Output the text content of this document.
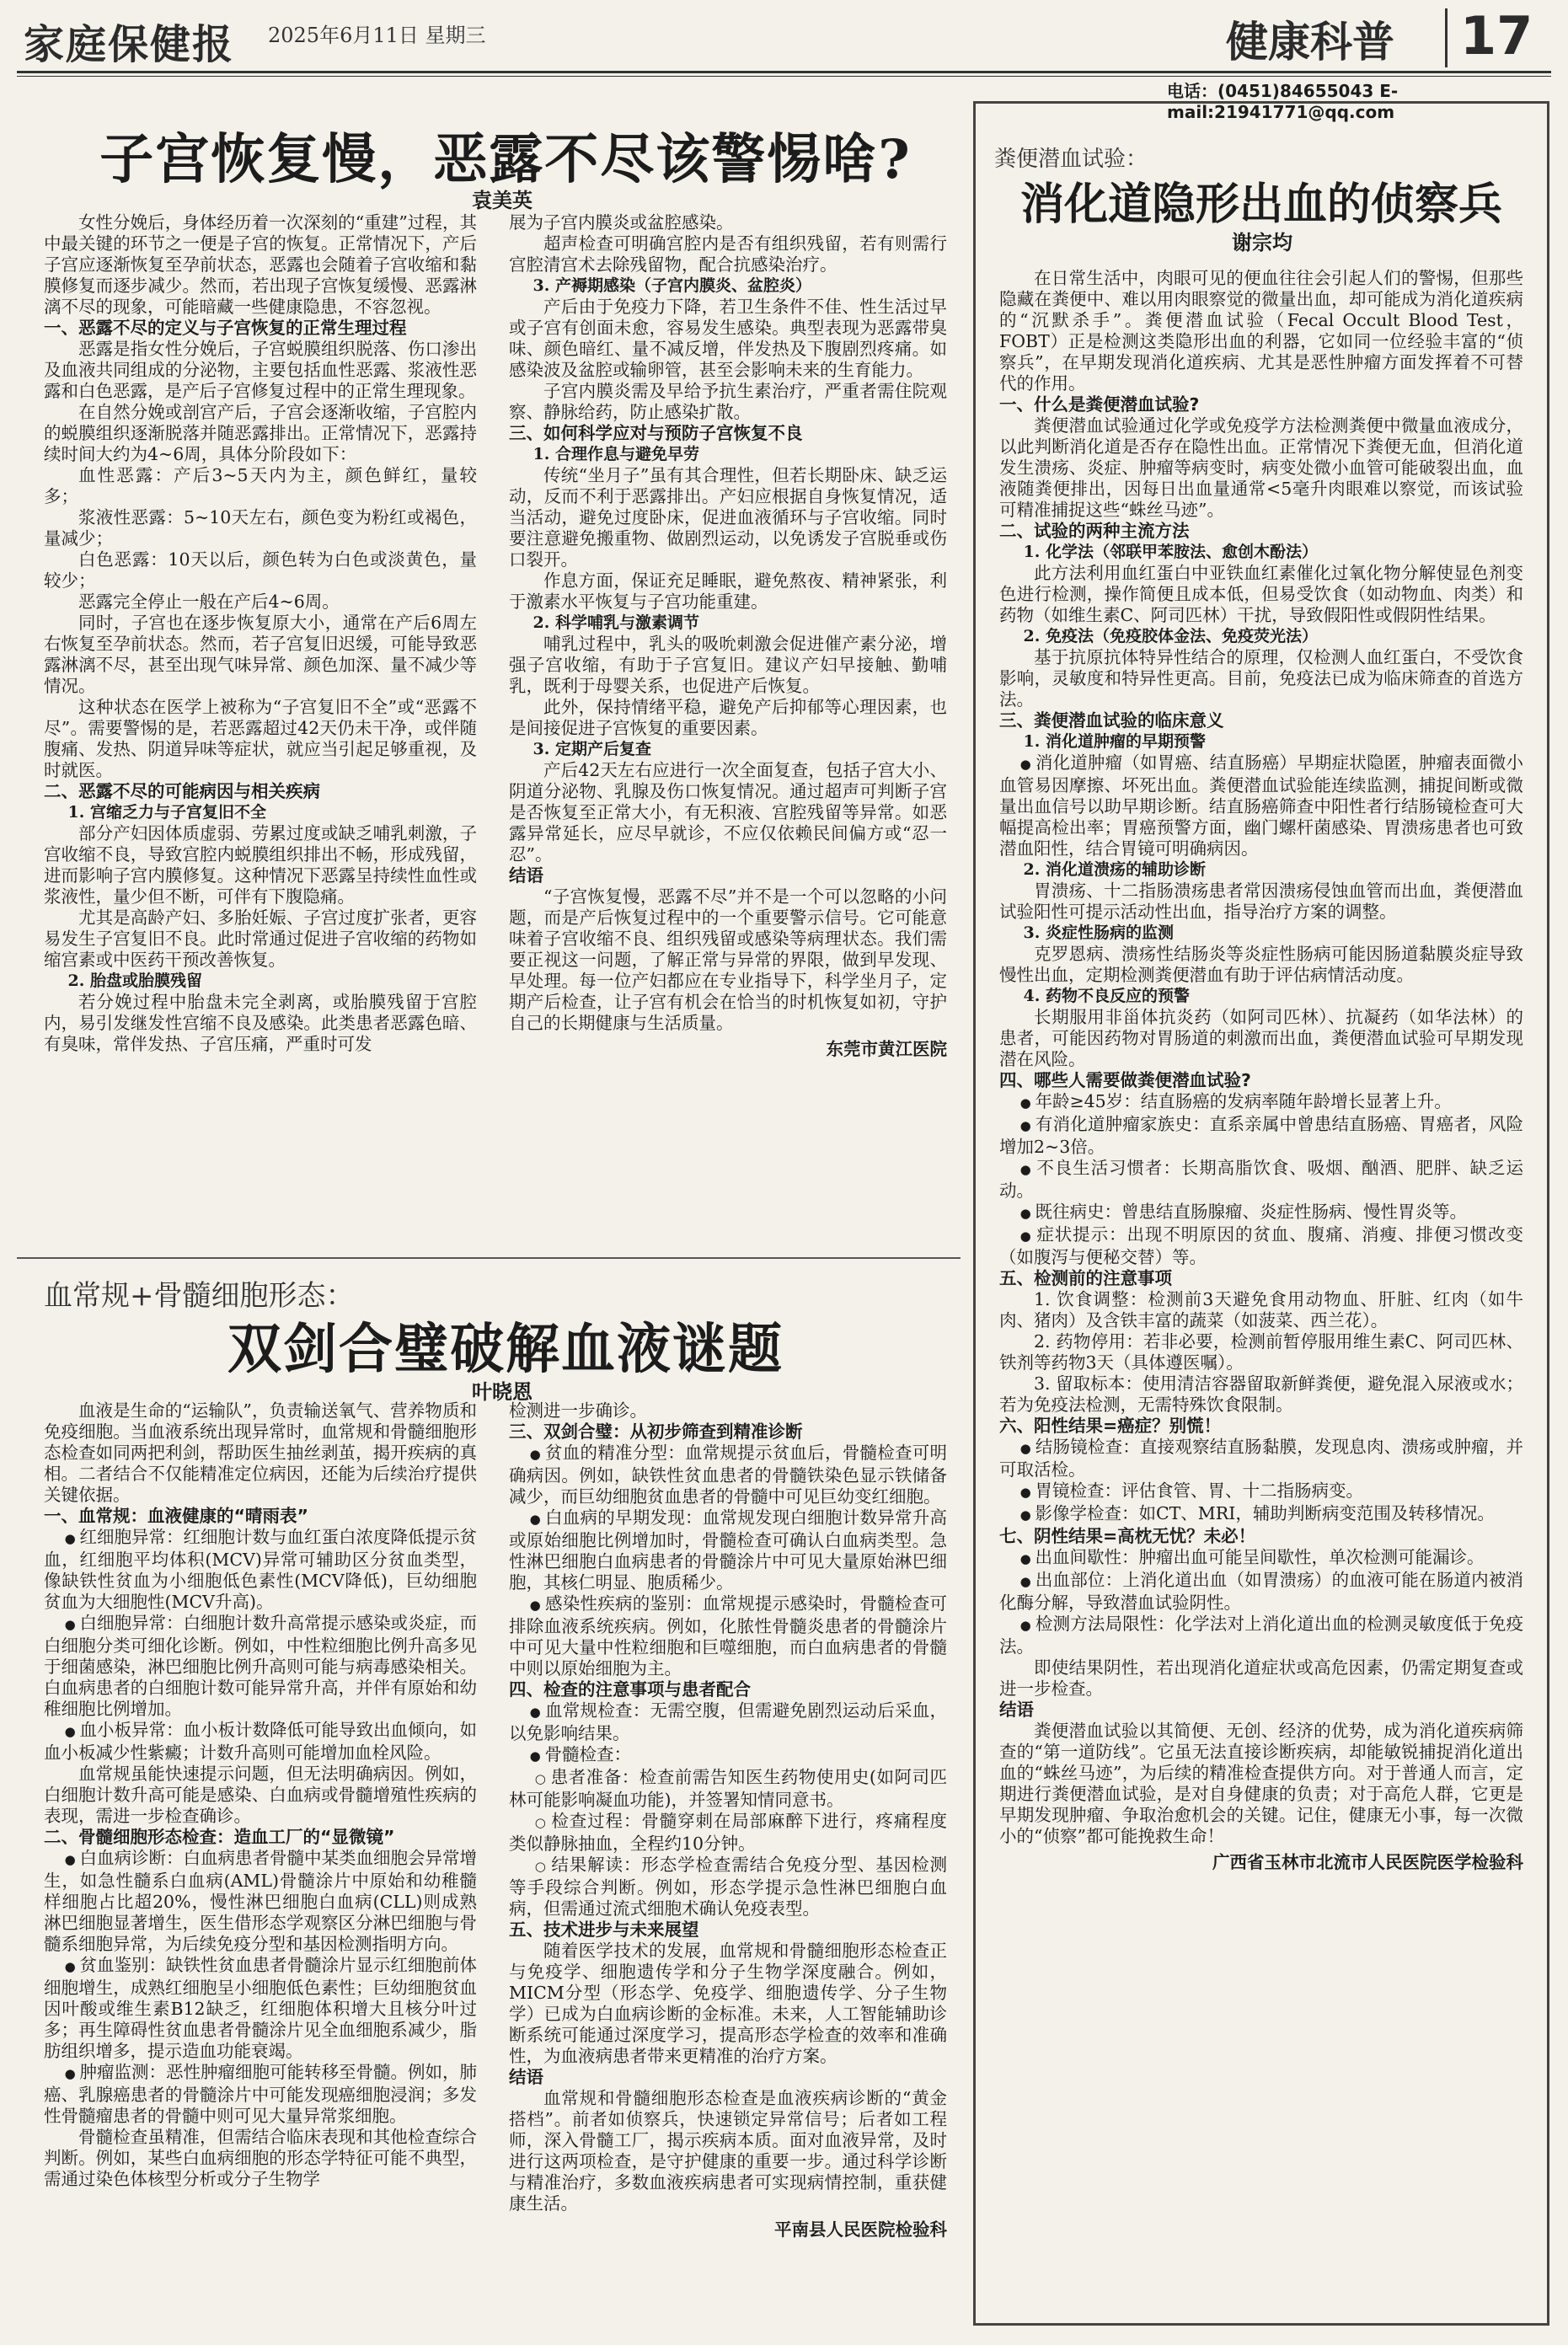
家庭保健报 2025年6月11日 星期三	健康科普 17
电话：(0451)84655043 E-mail:21941771@qq.com
子宫恢复慢，恶露不尽该警惕啥?
袁美英

女性分娩后，身体经历着一次深刻的“重建”过程，其中最关键的环节之一便是子宫的恢复。正常情况下，产后子宫应逐渐恢复至孕前状态，恶露也会随着子宫收缩和黏膜修复而逐步减少。然而，若出现子宫恢复缓慢、恶露淋漓不尽的现象，可能暗藏一些健康隐患，不容忽视。

一、恶露不尽的定义与子宫恢复的正常生理过程

恶露是指女性分娩后，子宫蜕膜组织脱落、伤口渗出及血液共同组成的分泌物，主要包括血性恶露、浆液性恶露和白色恶露，是产后子宫修复过程中的正常生理现象。

在自然分娩或剖宫产后，子宫会逐渐收缩，子宫腔内的蜕膜组织逐渐脱落并随恶露排出。正常情况下，恶露持续时间大约为4~6周，具体分阶段如下：

血性恶露：产后3~5天内为主，颜色鲜红，量较多；

浆液性恶露：5~10天左右，颜色变为粉红或褐色，量减少；

白色恶露：10天以后，颜色转为白色或淡黄色，量较少；

恶露完全停止一般在产后4~6周。

同时，子宫也在逐步恢复原大小，通常在产后6周左右恢复至孕前状态。然而，若子宫复旧迟缓，可能导致恶露淋漓不尽，甚至出现气味异常、颜色加深、量不减少等情况。

这种状态在医学上被称为“子宫复旧不全”或“恶露不尽”。需要警惕的是，若恶露超过42天仍未干净，或伴随腹痛、发热、阴道异味等症状，就应当引起足够重视，及时就医。

二、恶露不尽的可能病因与相关疾病

1. 宫缩乏力与子宫复旧不全

部分产妇因体质虚弱、劳累过度或缺乏哺乳刺激，子宫收缩不良，导致宫腔内蜕膜组织排出不畅，形成残留，进而影响子宫内膜修复。这种情况下恶露呈持续性血性或浆液性，量少但不断，可伴有下腹隐痛。

尤其是高龄产妇、多胎妊娠、子宫过度扩张者，更容易发生子宫复旧不良。此时常通过促进子宫收缩的药物如缩宫素或中医药干预改善恢复。

2. 胎盘或胎膜残留

若分娩过程中胎盘未完全剥离，或胎膜残留于宫腔内，易引发继发性宫缩不良及感染。此类患者恶露色暗、有臭味，常伴发热、子宫压痛，严重时可发

展为子宫内膜炎或盆腔感染。

超声检查可明确宫腔内是否有组织残留，若有则需行宫腔清宫术去除残留物，配合抗感染治疗。

3. 产褥期感染（子宫内膜炎、盆腔炎）

产后由于免疫力下降，若卫生条件不佳、性生活过早或子宫有创面未愈，容易发生感染。典型表现为恶露带臭味、颜色暗红、量不减反增，伴发热及下腹剧烈疼痛。如感染波及盆腔或输卵管，甚至会影响未来的生育能力。

子宫内膜炎需及早给予抗生素治疗，严重者需住院观察、静脉给药，防止感染扩散。

三、如何科学应对与预防子宫恢复不良

1. 合理作息与避免早劳

传统“坐月子”虽有其合理性，但若长期卧床、缺乏运动，反而不利于恶露排出。产妇应根据自身恢复情况，适当活动，避免过度卧床，促进血液循环与子宫收缩。同时要注意避免搬重物、做剧烈运动，以免诱发子宫脱垂或伤口裂开。

作息方面，保证充足睡眠，避免熬夜、精神紧张，利于激素水平恢复与子宫功能重建。

2. 科学哺乳与激素调节

哺乳过程中，乳头的吸吮刺激会促进催产素分泌，增强子宫收缩，有助于子宫复旧。建议产妇早接触、勤哺乳，既利于母婴关系，也促进产后恢复。

此外，保持情绪平稳，避免产后抑郁等心理因素，也是间接促进子宫恢复的重要因素。

3. 定期产后复查

产后42天左右应进行一次全面复查，包括子宫大小、阴道分泌物、乳腺及伤口恢复情况。通过超声可判断子宫是否恢复至正常大小，有无积液、宫腔残留等异常。如恶露异常延长，应尽早就诊，不应仅依赖民间偏方或“忍一忍”。

结语

“子宫恢复慢，恶露不尽”并不是一个可以忽略的小问题，而是产后恢复过程中的一个重要警示信号。它可能意味着子宫收缩不良、组织残留或感染等病理状态。我们需要正视这一问题，了解正常与异常的界限，做到早发现、早处理。每一位产妇都应在专业指导下，科学坐月子，定期产后检查，让子宫有机会在恰当的时机恢复如初，守护自己的长期健康与生活质量。

东莞市黄江医院

血常规+骨髓细胞形态：
双剑合璧破解血液谜题
叶晓恩

血液是生命的“运输队”，负责输送氧气、营养物质和免疫细胞。当血液系统出现异常时，血常规和骨髓细胞形态检查如同两把利剑，帮助医生抽丝剥茧，揭开疾病的真相。二者结合不仅能精准定位病因，还能为后续治疗提供关键依据。

一、血常规：血液健康的“晴雨表”

● 红细胞异常：红细胞计数与血红蛋白浓度降低提示贫血，红细胞平均体积(MCV)异常可辅助区分贫血类型，像缺铁性贫血为小细胞低色素性(MCV降低)，巨幼细胞贫血为大细胞性(MCV升高)。

● 白细胞异常：白细胞计数升高常提示感染或炎症，而白细胞分类可细化诊断。例如，中性粒细胞比例升高多见于细菌感染，淋巴细胞比例升高则可能与病毒感染相关。白血病患者的白细胞计数可能异常升高，并伴有原始和幼稚细胞比例增加。

● 血小板异常：血小板计数降低可能导致出血倾向，如血小板减少性紫癜；计数升高则可能增加血栓风险。

血常规虽能快速提示问题，但无法明确病因。例如，白细胞计数升高可能是感染、白血病或骨髓增殖性疾病的表现，需进一步检查确诊。

二、骨髓细胞形态检查：造血工厂的“显微镜”

● 白血病诊断：白血病患者骨髓中某类血细胞会异常增生，如急性髓系白血病(AML)骨髓涂片中原始和幼稚髓样细胞占比超20%，慢性淋巴细胞白血病(CLL)则成熟淋巴细胞显著增生，医生借形态学观察区分淋巴细胞与骨髓系细胞异常，为后续免疫分型和基因检测指明方向。

● 贫血鉴别：缺铁性贫血患者骨髓涂片显示红细胞前体细胞增生，成熟红细胞呈小细胞低色素性；巨幼细胞贫血因叶酸或维生素B12缺乏，红细胞体积增大且核分叶过多；再生障碍性贫血患者骨髓涂片见全血细胞系减少，脂肪组织增多，提示造血功能衰竭。

● 肿瘤监测：恶性肿瘤细胞可能转移至骨髓。例如，肺癌、乳腺癌患者的骨髓涂片中可能发现癌细胞浸润；多发性骨髓瘤患者的骨髓中则可见大量异常浆细胞。

骨髓检查虽精准，但需结合临床表现和其他检查综合判断。例如，某些白血病细胞的形态学特征可能不典型，需通过染色体核型分析或分子生物学

检测进一步确诊。

三、双剑合璧：从初步筛查到精准诊断

● 贫血的精准分型：血常规提示贫血后，骨髓检查可明确病因。例如，缺铁性贫血患者的骨髓铁染色显示铁储备减少，而巨幼细胞贫血患者的骨髓中可见巨幼变红细胞。

● 白血病的早期发现：血常规发现白细胞计数异常升高或原始细胞比例增加时，骨髓检查可确认白血病类型。急性淋巴细胞白血病患者的骨髓涂片中可见大量原始淋巴细胞，其核仁明显、胞质稀少。

● 感染性疾病的鉴别：血常规提示感染时，骨髓检查可排除血液系统疾病。例如，化脓性骨髓炎患者的骨髓涂片中可见大量中性粒细胞和巨噬细胞，而白血病患者的骨髓中则以原始细胞为主。

四、检查的注意事项与患者配合

● 血常规检查：无需空腹，但需避免剧烈运动后采血，以免影响结果。

● 骨髓检查：

○ 患者准备：检查前需告知医生药物使用史(如阿司匹林可能影响凝血功能)，并签署知情同意书。

○ 检查过程：骨髓穿刺在局部麻醉下进行，疼痛程度类似静脉抽血，全程约10分钟。

○ 结果解读：形态学检查需结合免疫分型、基因检测等手段综合判断。例如，形态学提示急性淋巴细胞白血病，但需通过流式细胞术确认免疫表型。

五、技术进步与未来展望

随着医学技术的发展，血常规和骨髓细胞形态检查正与免疫学、细胞遗传学和分子生物学深度融合。例如，MICM分型（形态学、免疫学、细胞遗传学、分子生物学）已成为白血病诊断的金标准。未来，人工智能辅助诊断系统可能通过深度学习，提高形态学检查的效率和准确性，为血液病患者带来更精准的治疗方案。

结语

血常规和骨髓细胞形态检查是血液疾病诊断的“黄金搭档”。前者如侦察兵，快速锁定异常信号；后者如工程师，深入骨髓工厂，揭示疾病本质。面对血液异常，及时进行这两项检查，是守护健康的重要一步。通过科学诊断与精准治疗，多数血液疾病患者可实现病情控制，重获健康生活。

平南县人民医院检验科

粪便潜血试验：
消化道隐形出血的侦察兵
谢宗均

在日常生活中，肉眼可见的便血往往会引起人们的警惕，但那些隐藏在粪便中、难以用肉眼察觉的微量出血，却可能成为消化道疾病的“沉默杀手”。粪便潜血试验（Fecal Occult Blood Test，FOBT）正是检测这类隐形出血的利器，它如同一位经验丰富的“侦察兵”，在早期发现消化道疾病、尤其是恶性肿瘤方面发挥着不可替代的作用。

一、什么是粪便潜血试验?

粪便潜血试验通过化学或免疫学方法检测粪便中微量血液成分，以此判断消化道是否存在隐性出血。正常情况下粪便无血，但消化道发生溃疡、炎症、肿瘤等病变时，病变处微小血管可能破裂出血，血液随粪便排出，因每日出血量通常<5毫升肉眼难以察觉，而该试验可精准捕捉这些“蛛丝马迹”。

二、试验的两种主流方法

1. 化学法（邻联甲苯胺法、愈创木酚法）

此方法利用血红蛋白中亚铁血红素催化过氧化物分解使显色剂变色进行检测，操作简便且成本低，但易受饮食（如动物血、肉类）和药物（如维生素C、阿司匹林）干扰，导致假阳性或假阴性结果。

2. 免疫法（免疫胶体金法、免疫荧光法）

基于抗原抗体特异性结合的原理，仅检测人血红蛋白，不受饮食影响，灵敏度和特异性更高。目前，免疫法已成为临床筛查的首选方法。

三、粪便潜血试验的临床意义

1. 消化道肿瘤的早期预警

● 消化道肿瘤（如胃癌、结直肠癌）早期症状隐匿，肿瘤表面微小血管易因摩擦、坏死出血。粪便潜血试验能连续监测，捕捉间断或微量出血信号以助早期诊断。结直肠癌筛查中阳性者行结肠镜检查可大幅提高检出率；胃癌预警方面，幽门螺杆菌感染、胃溃疡患者也可致潜血阳性，结合胃镜可明确病因。

2. 消化道溃疡的辅助诊断

胃溃疡、十二指肠溃疡患者常因溃疡侵蚀血管而出血，粪便潜血试验阳性可提示活动性出血，指导治疗方案的调整。

3. 炎症性肠病的监测

克罗恩病、溃疡性结肠炎等炎症性肠病可能因肠道黏膜炎症导致慢性出血，定期检测粪便潜血有助于评估病情活动度。

4. 药物不良反应的预警

长期服用非甾体抗炎药（如阿司匹林）、抗凝药（如华法林）的患者，可能因药物对胃肠道的刺激而出血，粪便潜血试验可早期发现潜在风险。

四、哪些人需要做粪便潜血试验?

● 年龄≥45岁：结直肠癌的发病率随年龄增长显著上升。

● 有消化道肿瘤家族史：直系亲属中曾患结直肠癌、胃癌者，风险增加2~3倍。

● 不良生活习惯者：长期高脂饮食、吸烟、酗酒、肥胖、缺乏运动。

● 既往病史：曾患结直肠腺瘤、炎症性肠病、慢性胃炎等。

● 症状提示：出现不明原因的贫血、腹痛、消瘦、排便习惯改变（如腹泻与便秘交替）等。

五、检测前的注意事项

1. 饮食调整：检测前3天避免食用动物血、肝脏、红肉（如牛肉、猪肉）及含铁丰富的蔬菜（如菠菜、西兰花）。

2. 药物停用：若非必要，检测前暂停服用维生素C、阿司匹林、铁剂等药物3天（具体遵医嘱）。

3. 留取标本：使用清洁容器留取新鲜粪便，避免混入尿液或水；若为免疫法检测，无需特殊饮食限制。

六、阳性结果=癌症？别慌！

● 结肠镜检查：直接观察结直肠黏膜，发现息肉、溃疡或肿瘤，并可取活检。

● 胃镜检查：评估食管、胃、十二指肠病变。

● 影像学检查：如CT、MRI，辅助判断病变范围及转移情况。

七、阴性结果=高枕无忧？未必！

● 出血间歇性：肿瘤出血可能呈间歇性，单次检测可能漏诊。

● 出血部位：上消化道出血（如胃溃疡）的血液可能在肠道内被消化酶分解，导致潜血试验阴性。

● 检测方法局限性：化学法对上消化道出血的检测灵敏度低于免疫法。

即使结果阴性，若出现消化道症状或高危因素，仍需定期复查或进一步检查。

结语

粪便潜血试验以其简便、无创、经济的优势，成为消化道疾病筛查的“第一道防线”。它虽无法直接诊断疾病，却能敏锐捕捉消化道出血的“蛛丝马迹”，为后续的精准检查提供方向。对于普通人而言，定期进行粪便潜血试验，是对自身健康的负责；对于高危人群，它更是早期发现肿瘤、争取治愈机会的关键。记住，健康无小事，每一次微小的“侦察”都可能挽救生命！

广西省玉林市北流市人民医院医学检验科
